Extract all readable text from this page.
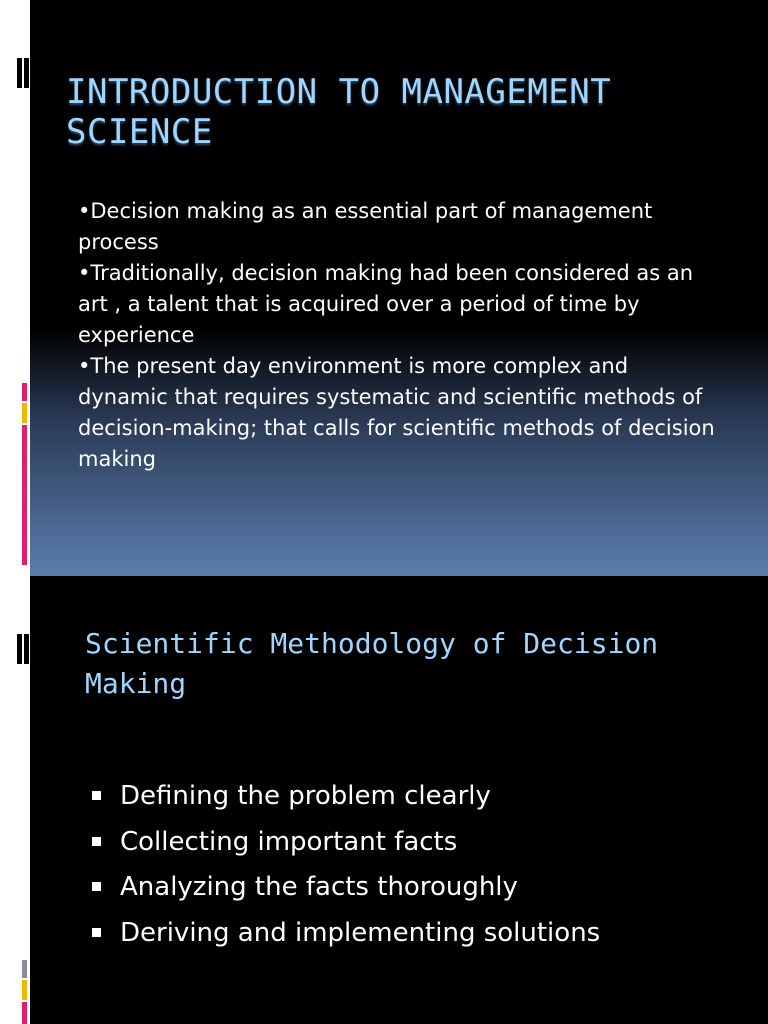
INTRODUCTION TO MANAGEMENT SCIENCE

•Decision making as an essential part of management process

•Traditionally, decision making had been considered as an art , a talent that is acquired over a period of time by experience

•The present day environment is more complex and dynamic that requires systematic and scientific methods of decision-making; that calls for scientific methods of decision making

Scientific Methodology of Decision Making
Defining the problem clearly
Collecting important facts
Analyzing the facts thoroughly
Deriving and implementing solutions
